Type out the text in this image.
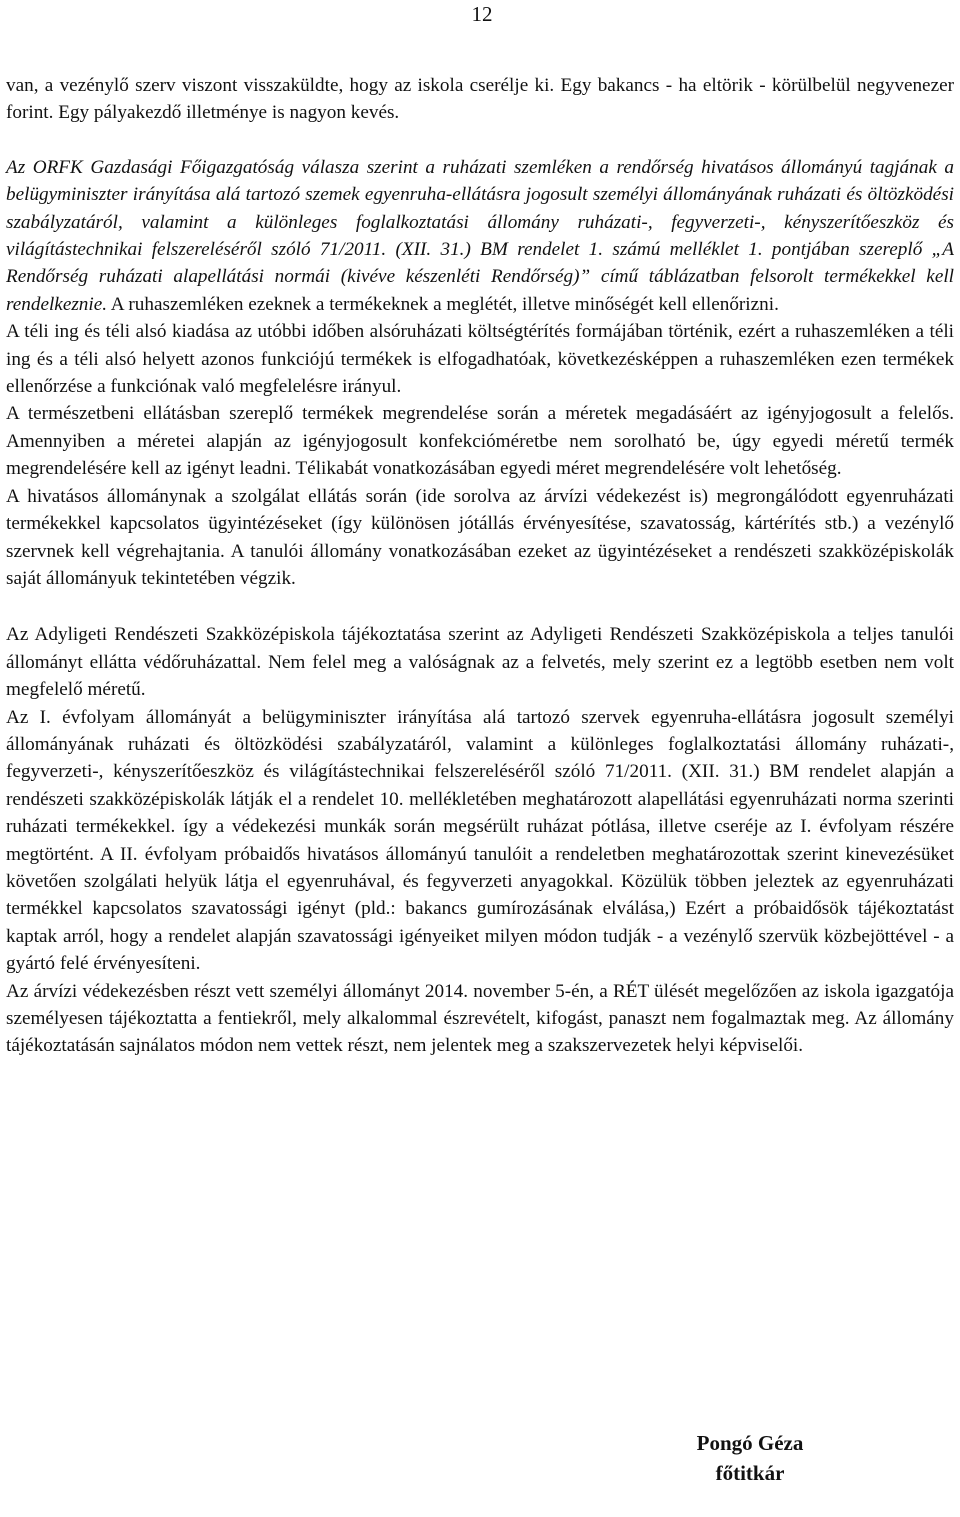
12

van, a vezénylő szerv viszont visszaküldte, hogy az iskola cserélje ki. Egy bakancs - ha eltörik - körülbelül negyvenezer forint. Egy pályakezdő illetménye is nagyon kevés.

Az ORFK Gazdasági Főigazgatóság válasza szerint a ruházati szemléken a rendőrség hivatásos állományú tagjának a belügyminiszter irányítása alá tartozó szemek egyenruha-ellátásra jogosult személyi állományának ruházati és öltözködési szabályzatáról, valamint a különleges foglalkoztatási állomány ruházati-, fegyverzeti-, kényszerítőeszköz és világítástechnikai felszereléséről szóló 71/2011. (XII. 31.) BM rendelet 1. számú melléklet 1. pontjában szereplő „A Rendőrség ruházati alapellátási normái (kivéve készenléti Rendőrség)” című táblázatban felsorolt termékekkel kell rendelkeznie. A ruhaszemléken ezeknek a termékeknek a meglétét, illetve minőségét kell ellenőrizni.

A téli ing és téli alsó kiadása az utóbbi időben alsóruházati költségtérítés formájában történik, ezért a ruhaszemléken a téli ing és a téli alsó helyett azonos funkciójú termékek is elfogadhatóak, következésképpen a ruhaszemléken ezen termékek ellenőrzése a funkciónak való megfelelésre irányul.

A természetbeni ellátásban szereplő termékek megrendelése során a méretek megadásáért az igényjogosult a felelős. Amennyiben a méretei alapján az igényjogosult konfekcióméretbe nem sorolható be, úgy egyedi méretű termék megrendelésére kell az igényt leadni. Télikabát vonatkozásában egyedi méret megrendelésére volt lehetőség.

A hivatásos állománynak a szolgálat ellátás során (ide sorolva az árvízi védekezést is) megrongálódott egyenruházati termékekkel kapcsolatos ügyintézéseket (így különösen jótállás érvényesítése, szavatosság, kártérítés stb.) a vezénylő szervnek kell végrehajtania. A tanulói állomány vonatkozásában ezeket az ügyintézéseket a rendészeti szakközépiskolák saját állományuk tekintetében végzik.

Az Adyligeti Rendészeti Szakközépiskola tájékoztatása szerint az Adyligeti Rendészeti Szakközépiskola a teljes tanulói állományt ellátta védőruházattal. Nem felel meg a valóságnak az a felvetés, mely szerint ez a legtöbb esetben nem volt megfelelő méretű.

Az I. évfolyam állományát a belügyminiszter irányítása alá tartozó szervek egyenruha-ellátásra jogosult személyi állományának ruházati és öltözködési szabályzatáról, valamint a különleges foglalkoztatási állomány ruházati-, fegyverzeti-, kényszerítőeszköz és világítástechnikai felszereléséről szóló 71/2011. (XII. 31.) BM rendelet alapján a rendészeti szakközépiskolák látják el a rendelet 10. mellékletében meghatározott alapellátási egyenruházati norma szerinti ruházati termékekkel. így a védekezési munkák során megsérült ruházat pótlása, illetve cseréje az I. évfolyam részére megtörtént. A II. évfolyam próbaidős hivatásos állományú tanulóit a rendeletben meghatározottak szerint kinevezésüket követően szolgálati helyük látja el egyenruhával, és fegyverzeti anyagokkal. Közülük többen jeleztek az egyenruházati termékkel kapcsolatos szavatossági igényt (pld.: bakancs gumírozásának elválása,) Ezért a próbaidősök tájékoztatást kaptak arról, hogy a rendelet alapján szavatossági igényeiket milyen módon tudják - a vezénylő szervük közbejöttével - a gyártó felé érvényesíteni.

Az árvízi védekezésben részt vett személyi állományt 2014. november 5-én, a RÉT ülését megelőzően az iskola igazgatója személyesen tájékoztatta a fentiekről, mely alkalommal észrevételt, kifogást, panaszt nem fogalmaztak meg. Az állomány tájékoztatásán sajnálatos módon nem vettek részt, nem jelentek meg a szakszervezetek helyi képviselői.

Pongó Géza
főtitkár
